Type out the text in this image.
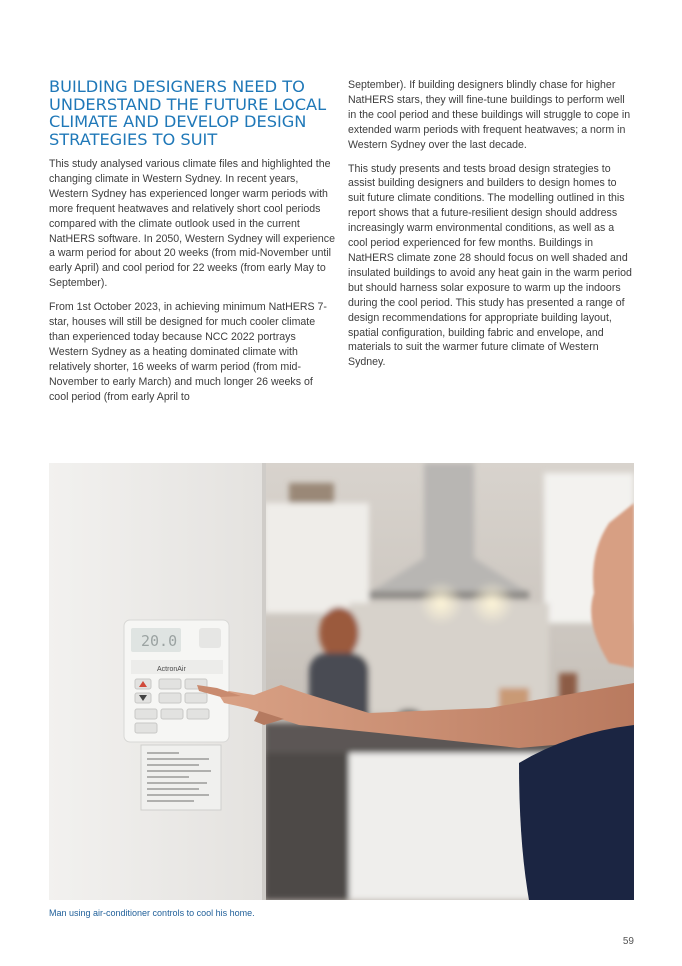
BUILDING DESIGNERS NEED TO UNDERSTAND THE FUTURE LOCAL CLIMATE AND DEVELOP DESIGN STRATEGIES TO SUIT

This study analysed various climate files and highlighted the changing climate in Western Sydney. In recent years, Western Sydney has experienced longer warm periods with more frequent heatwaves and relatively short cool periods compared with the climate outlook used in the current NatHERS software. In 2050, Western Sydney will experience a warm period for about 20 weeks (from mid-November until early April) and cool period for 22 weeks (from early May to September).

From 1st October 2023, in achieving minimum NatHERS 7-star, houses will still be designed for much cooler climate than experienced today because NCC 2022 portrays Western Sydney as a heating dominated climate with relatively shorter, 16 weeks of warm period (from mid-November to early March) and much longer 26 weeks of cool period (from early April to

September). If building designers blindly chase for higher NatHERS stars, they will fine-tune buildings to perform well in the cool period and these buildings will struggle to cope in extended warm periods with frequent heatwaves; a norm in Western Sydney over the last decade.

This study presents and tests broad design strategies to assist building designers and builders to design homes to suit future climate conditions. The modelling outlined in this report shows that a future-resilient design should address increasingly warm environmental conditions, as well as a cool period experienced for few months. Buildings in NatHERS climate zone 28 should focus on well shaded and insulated buildings to avoid any heat gain in the warm period but should harness solar exposure to warm up the indoors during the cool period. This study has presented a range of design recommendations for appropriate building layout, spatial configuration, building fabric and envelope, and materials to suit the warmer future climate of Western Sydney.

20.0
ActronAir
Man using air-conditioner controls to cool his home.
59
